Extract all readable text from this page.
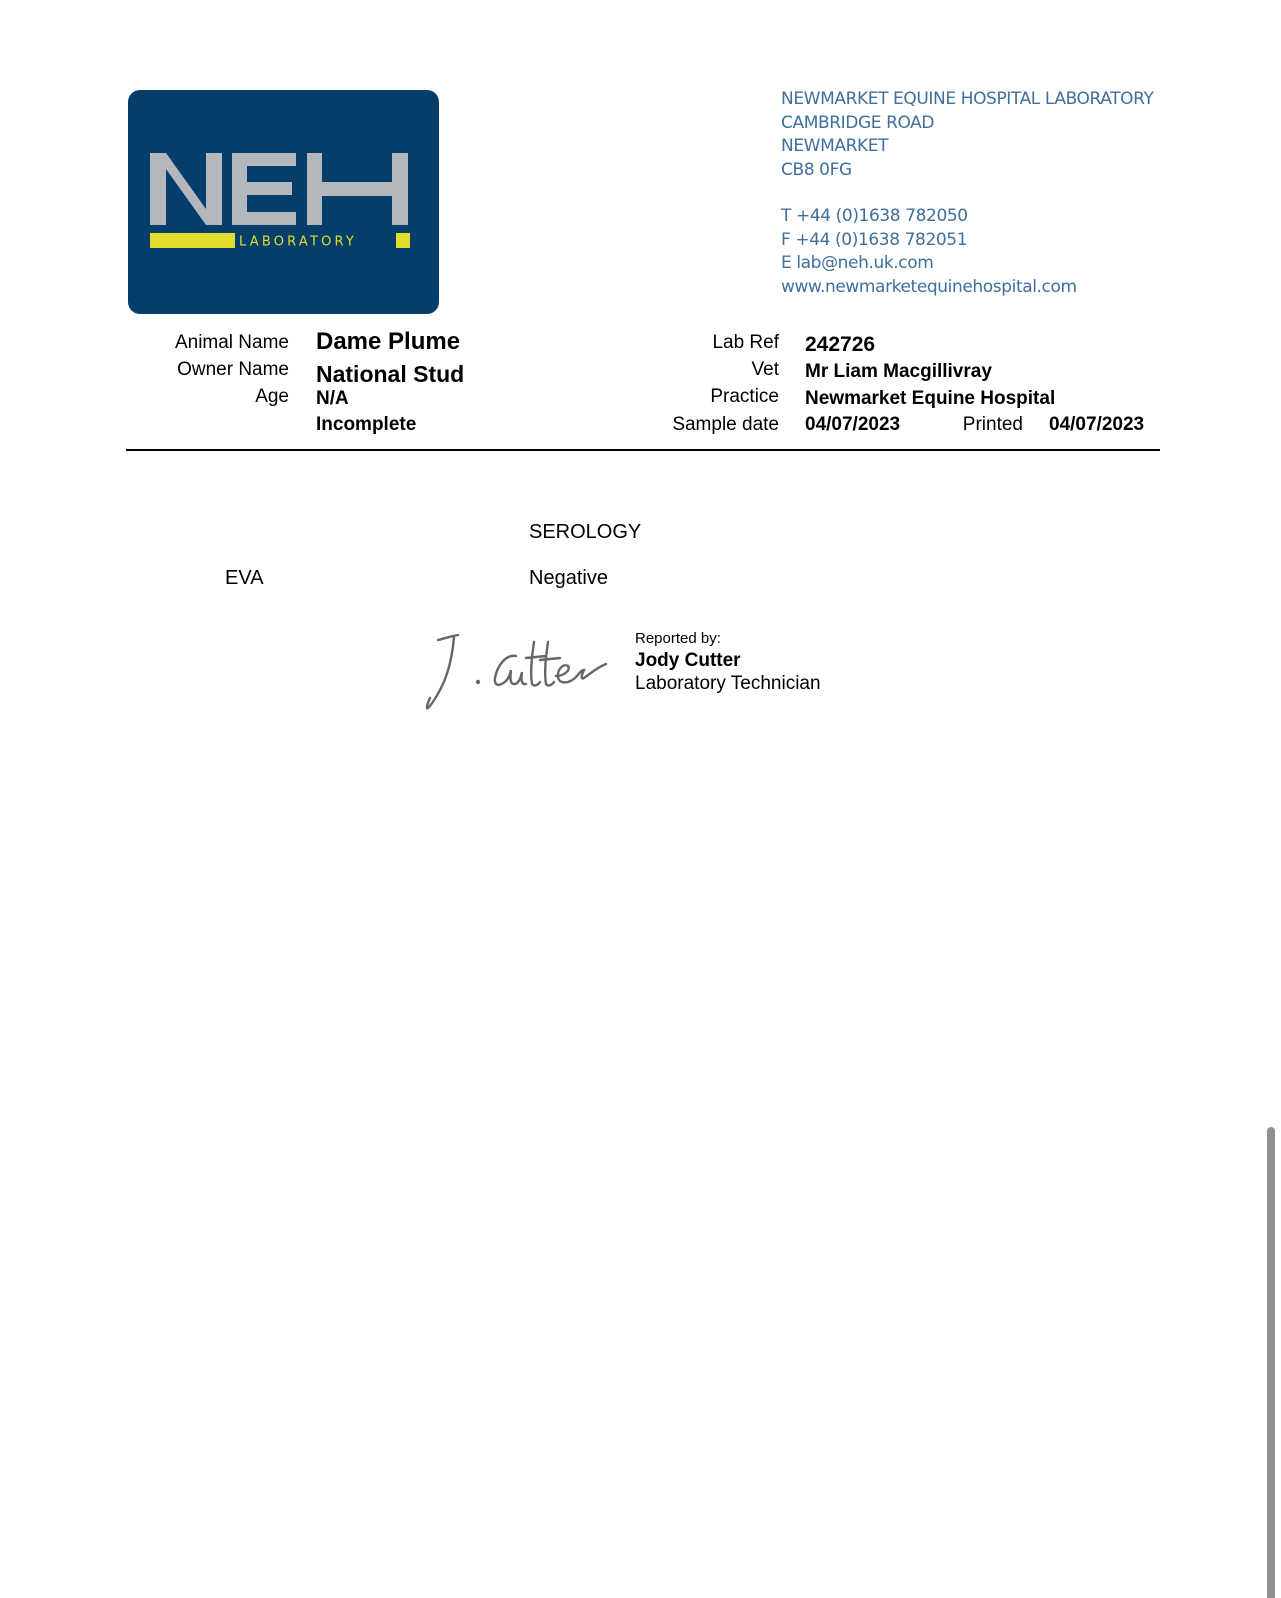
LABORATORY
NEWMARKET EQUINE HOSPITAL LABORATORY
CAMBRIDGE ROAD
NEWMARKET
CB8 0FG
T +44 (0)1638 782050
F +44 (0)1638 782051
E lab@neh.uk.com
www.newmarketequinehospital.com
Animal Name Dame Plume
Owner Name National Stud
Age N/A
Incomplete
Lab Ref 242726
Vet Mr Liam Macgillivray
Practice Newmarket Equine Hospital
Sample date 04/07/2023	Printed 04/07/2023
SEROLOGY
EVA	Negative
Reported by:
Jody Cutter
Laboratory Technician
